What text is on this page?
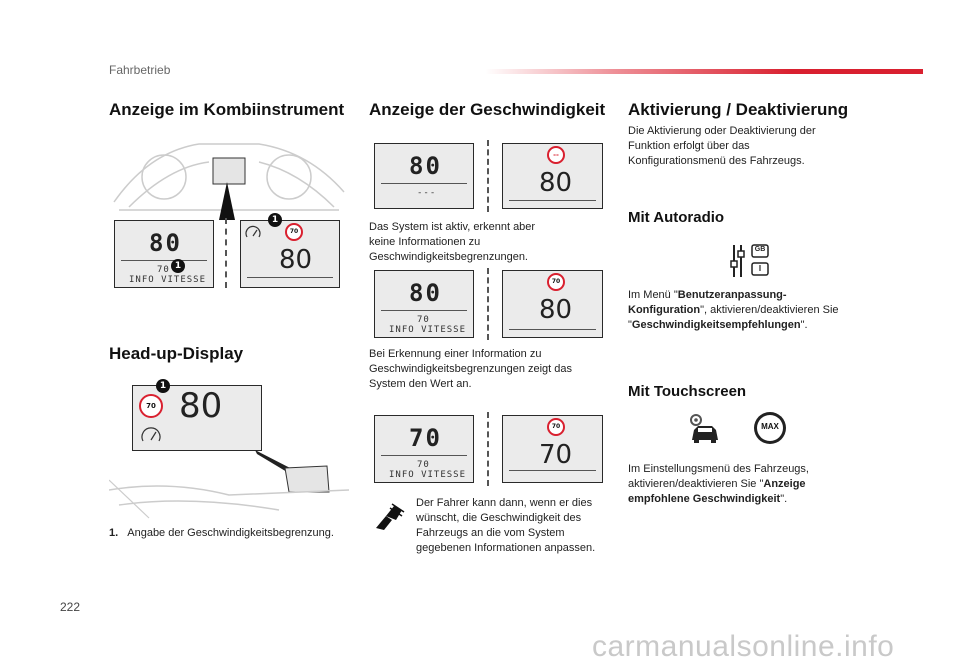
Fahrbetrieb
Anzeige im Kombiinstrument
80
70
INFO VITESSE
1
70
80
1
Head-up-Display
70 80
1
1. Angabe der Geschwindigkeitsbegrenzung.
Anzeige der Geschwindigkeit
80
---
--
80
Das System ist aktiv, erkennt aber keine Informationen zu Geschwindigkeitsbegrenzungen.
80
70
INFO VITESSE
70
80
Bei Erkennung einer Information zu Geschwindigkeitsbegrenzungen zeigt das System den Wert an.
70
70
INFO VITESSE
70
70
Der Fahrer kann dann, wenn er dies wünscht, die Geschwindigkeit des Fahrzeugs an die vom System gegebenen Informationen anpassen.
Aktivierung / Deaktivierung
Die Aktivierung oder Deaktivierung der Funktion erfolgt über das Konfigurationsmenü des Fahrzeugs.
Mit Autoradio
GB
I
Im Menü "Benutzeranpassung-Konfiguration", aktivieren/deaktivieren Sie "Geschwindigkeitsempfehlungen".
Mit Touchscreen
MAX
Im Einstellungsmenü des Fahrzeugs, aktivieren/deaktivieren Sie "Anzeige empfohlene Geschwindigkeit".
222
carmanualsonline.info
